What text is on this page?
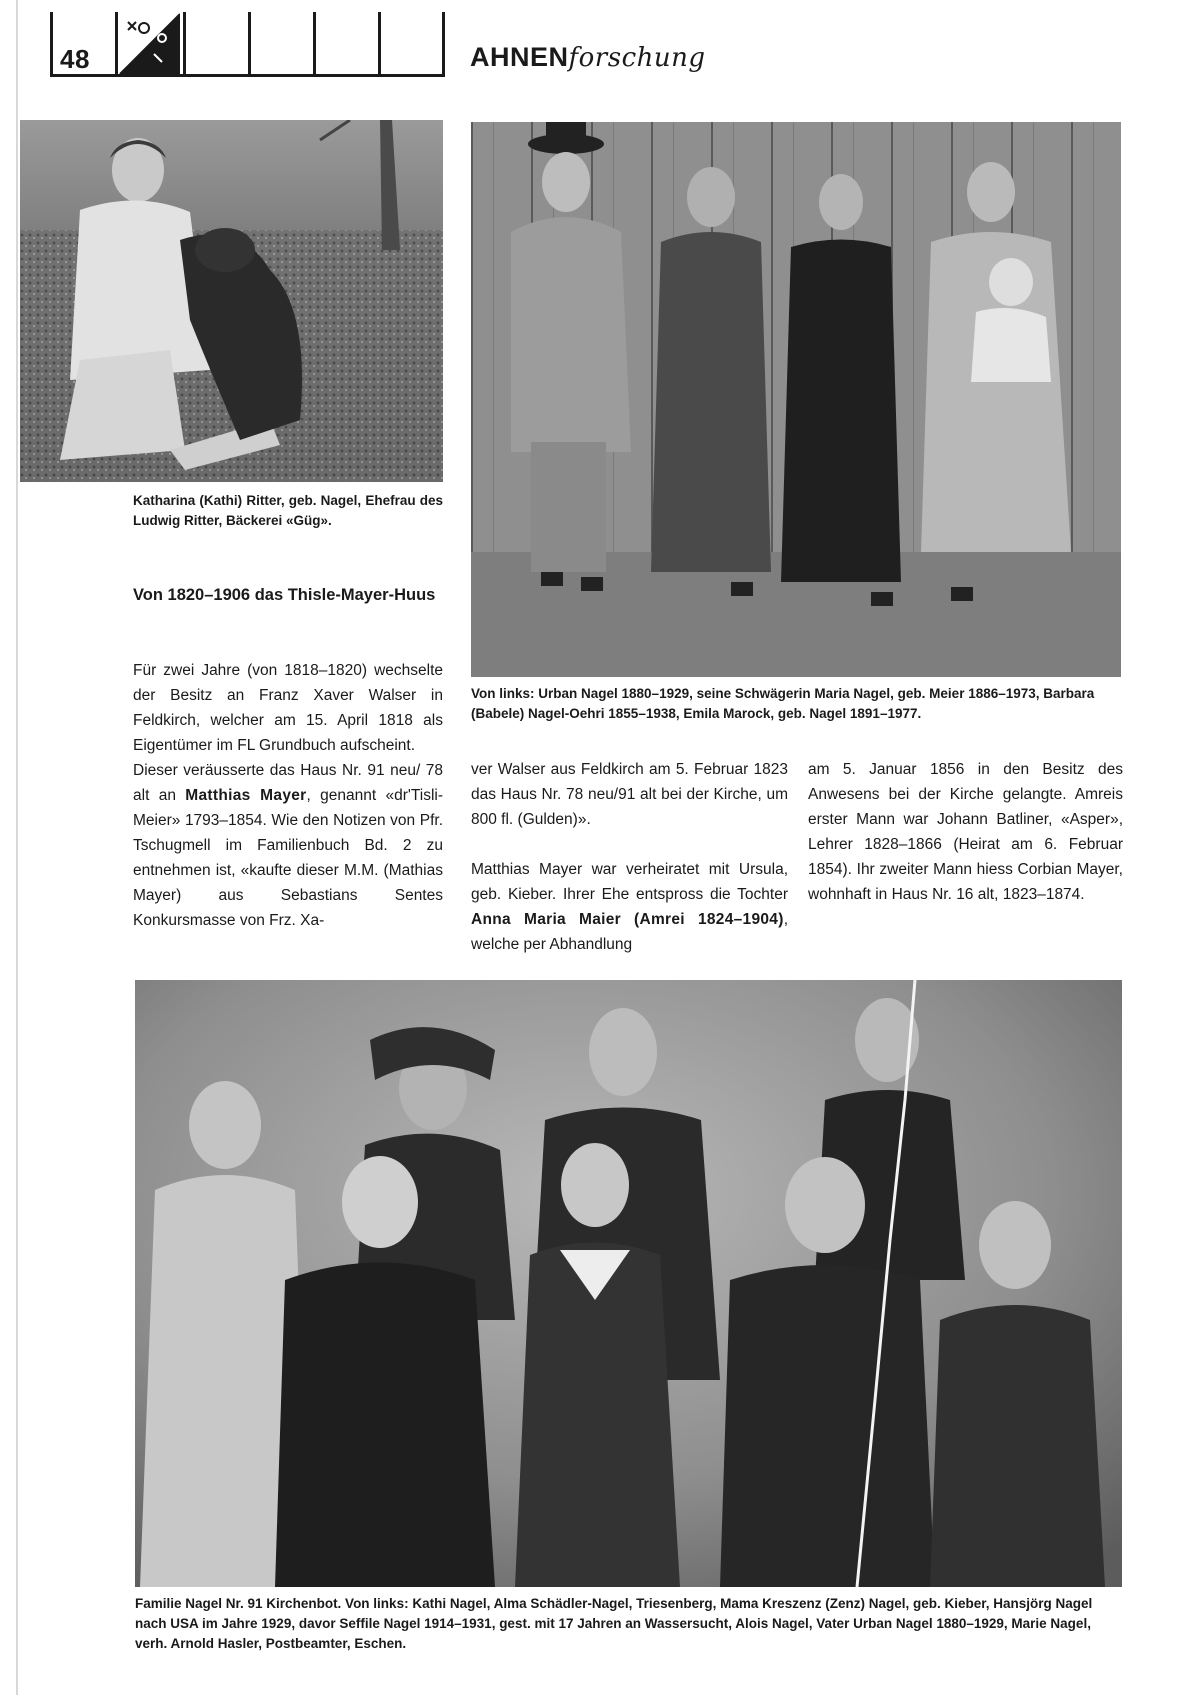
48	AHNENforschung
Katharina (Kathi) Ritter, geb. Nagel, Ehefrau des Ludwig Ritter, Bäckerei «Güg».
Von links: Urban Nagel 1880–1929, seine Schwägerin Maria Nagel, geb. Meier 1886–1973, Barbara (Babele) Nagel-Oehri 1855–1938, Emila Marock, geb. Nagel 1891–1977.
Von 1820–1906 das Thisle-Mayer-Huus

Für zwei Jahre (von 1818–1820) wechselte der Besitz an Franz Xaver Walser in Feldkirch, welcher am 15. April 1818 als Eigentümer im FL Grundbuch aufscheint.

Dieser veräusserte das Haus Nr. 91 neu/ 78 alt an Matthias Mayer, genannt «dr'Tisli-Meier» 1793–1854. Wie den Notizen von Pfr. Tschugmell im Familienbuch Bd. 2 zu entnehmen ist, «kaufte dieser M.M. (Mathias Mayer) aus Sebastians Sentes Konkursmasse von Frz. Xa-

ver Walser aus Feldkirch am 5. Februar 1823 das Haus Nr. 78 neu/91 alt bei der Kirche, um 800 fl. (Gulden)».

Matthias Mayer war verheiratet mit Ursula, geb. Kieber. Ihrer Ehe entspross die Tochter Anna Maria Maier (Amrei 1824–1904), welche per Abhandlung

am 5. Januar 1856 in den Besitz des Anwesens bei der Kirche gelangte. Amreis erster Mann war Johann Batliner, «Asper», Lehrer 1828–1866 (Heirat am 6. Februar 1854). Ihr zweiter Mann hiess Corbian Mayer, wohnhaft in Haus Nr. 16 alt, 1823–1874.
Familie Nagel Nr. 91 Kirchenbot. Von links: Kathi Nagel, Alma Schädler-Nagel, Triesenberg, Mama Kreszenz (Zenz) Nagel, geb. Kieber, Hansjörg Nagel nach USA im Jahre 1929, davor Seffile Nagel 1914–1931, gest. mit 17 Jahren an Wassersucht, Alois Nagel, Vater Urban Nagel 1880–1929, Marie Nagel, verh. Arnold Hasler, Postbeamter, Eschen.
